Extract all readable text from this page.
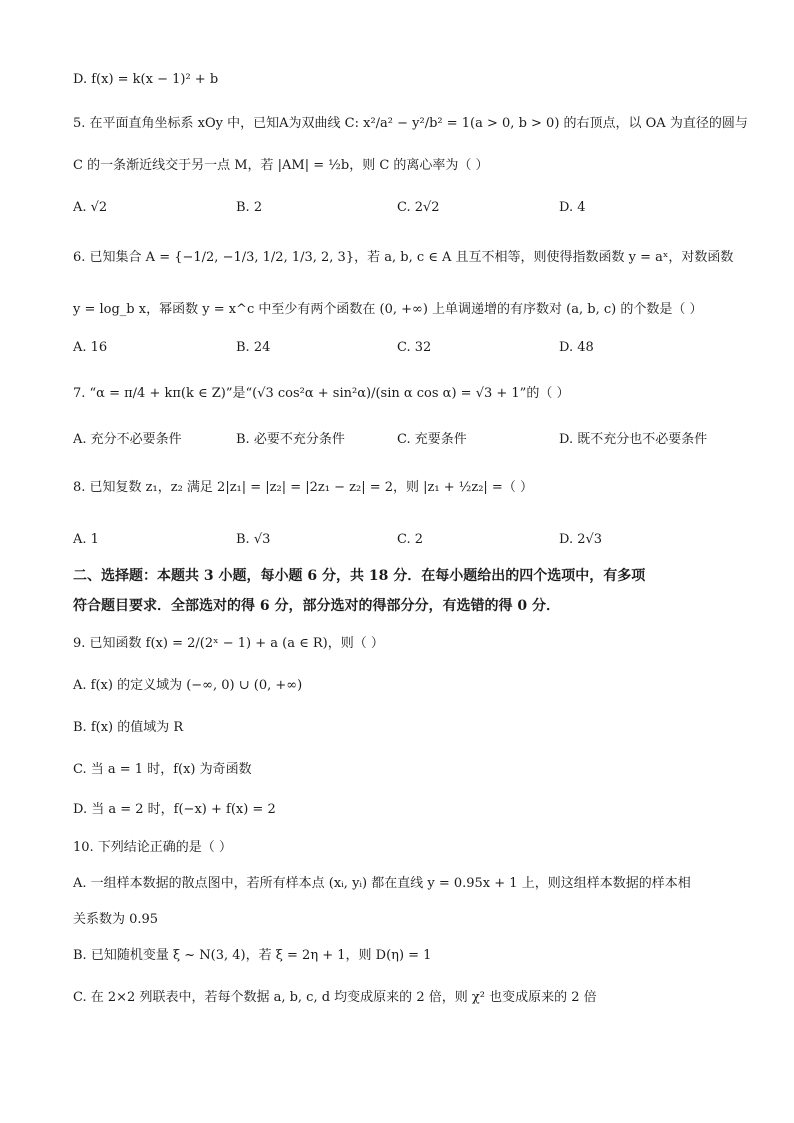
D. f(x) = k(x − 1)² + b
5. 在平面直角坐标系 xOy 中，已知A为双曲线 C: x²/a² − y²/b² = 1(a > 0, b > 0) 的右顶点，以 OA 为直径的圆与
C 的一条渐近线交于另一点 M，若 |AM| = ½b，则 C 的离心率为（ ）
A. √2	B. 2	C. 2√2	D. 4
6. 已知集合 A = {−1/2, −1/3, 1/2, 1/3, 2, 3}，若 a, b, c ∈ A 且互不相等，则使得指数函数 y = aˣ，对数函数
y = log_b x，幂函数 y = x^c 中至少有两个函数在 (0, +∞) 上单调递增的有序数对 (a, b, c) 的个数是（ ）
A. 16	B. 24	C. 32	D. 48
7. “α = π/4 + kπ(k ∈ Z)”是“(√3 cos²α + sin²α)/(sin α cos α) = √3 + 1”的（ ）
A. 充分不必要条件	B. 必要不充分条件	C. 充要条件	D. 既不充分也不必要条件
8. 已知复数 z₁，z₂ 满足 2|z₁| = |z₂| = |2z₁ − z₂| = 2，则 |z₁ + ½z₂| =（ ）
A. 1	B. √3	C. 2	D. 2√3
二、选择题：本题共 3 小题，每小题 6 分，共 18 分．在每小题给出的四个选项中，有多项
符合题目要求．全部选对的得 6 分，部分选对的得部分分，有选错的得 0 分．
9. 已知函数 f(x) = 2/(2ˣ − 1) + a (a ∈ R)，则（ ）
A. f(x) 的定义域为 (−∞, 0) ∪ (0, +∞)
B. f(x) 的值域为 R
C. 当 a = 1 时，f(x) 为奇函数
D. 当 a = 2 时，f(−x) + f(x) = 2
10. 下列结论正确的是（ ）
A. 一组样本数据的散点图中，若所有样本点 (xᵢ, yᵢ) 都在直线 y = 0.95x + 1 上，则这组样本数据的样本相
关系数为 0.95
B. 已知随机变量 ξ ~ N(3, 4)，若 ξ = 2η + 1，则 D(η) = 1
C. 在 2×2 列联表中，若每个数据 a, b, c, d 均变成原来的 2 倍，则 χ² 也变成原来的 2 倍
